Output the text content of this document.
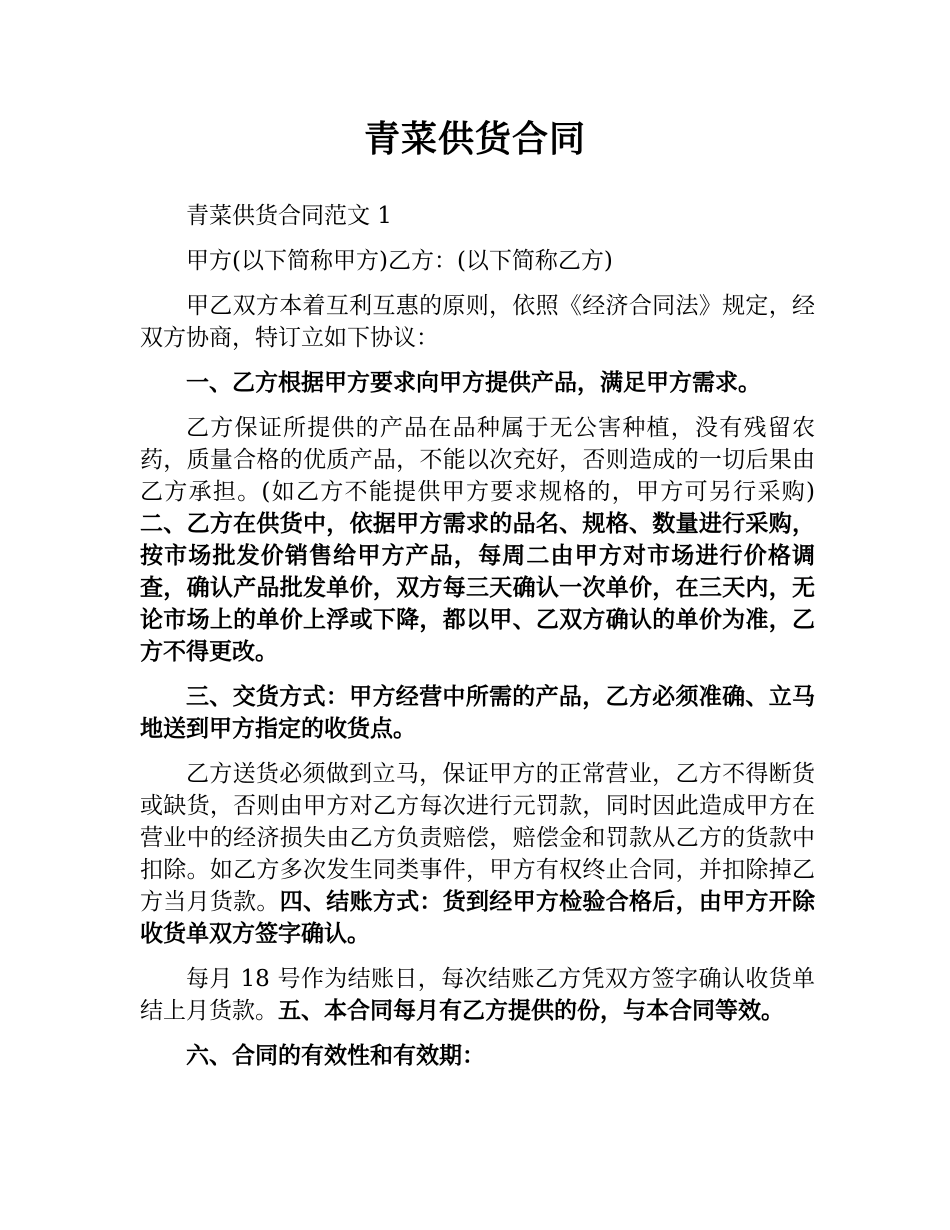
青菜供货合同

青菜供货合同范文 1

甲方(以下简称甲方)乙方：(以下简称乙方)

甲乙双方本着互利互惠的原则，依照《经济合同法》规定，经双方协商，特订立如下协议：

一、乙方根据甲方要求向甲方提供产品，满足甲方需求。

乙方保证所提供的产品在品种属于无公害种植，没有残留农药，质量合格的优质产品，不能以次充好，否则造成的一切后果由乙方承担。(如乙方不能提供甲方要求规格的，甲方可另行采购)二、乙方在供货中，依据甲方需求的品名、规格、数量进行采购，按市场批发价销售给甲方产品，每周二由甲方对市场进行价格调查，确认产品批发单价，双方每三天确认一次单价，在三天内，无论市场上的单价上浮或下降，都以甲、乙双方确认的单价为准，乙方不得更改。

三、交货方式：甲方经营中所需的产品，乙方必须准确、立马地送到甲方指定的收货点。

乙方送货必须做到立马，保证甲方的正常营业，乙方不得断货或缺货，否则由甲方对乙方每次进行元罚款，同时因此造成甲方在营业中的经济损失由乙方负责赔偿，赔偿金和罚款从乙方的货款中扣除。如乙方多次发生同类事件，甲方有权终止合同，并扣除掉乙方当月货款。四、结账方式：货到经甲方检验合格后，由甲方开除收货单双方签字确认。

每月 18 号作为结账日，每次结账乙方凭双方签字确认收货单结上月货款。五、本合同每月有乙方提供的份，与本合同等效。

六、合同的有效性和有效期：
